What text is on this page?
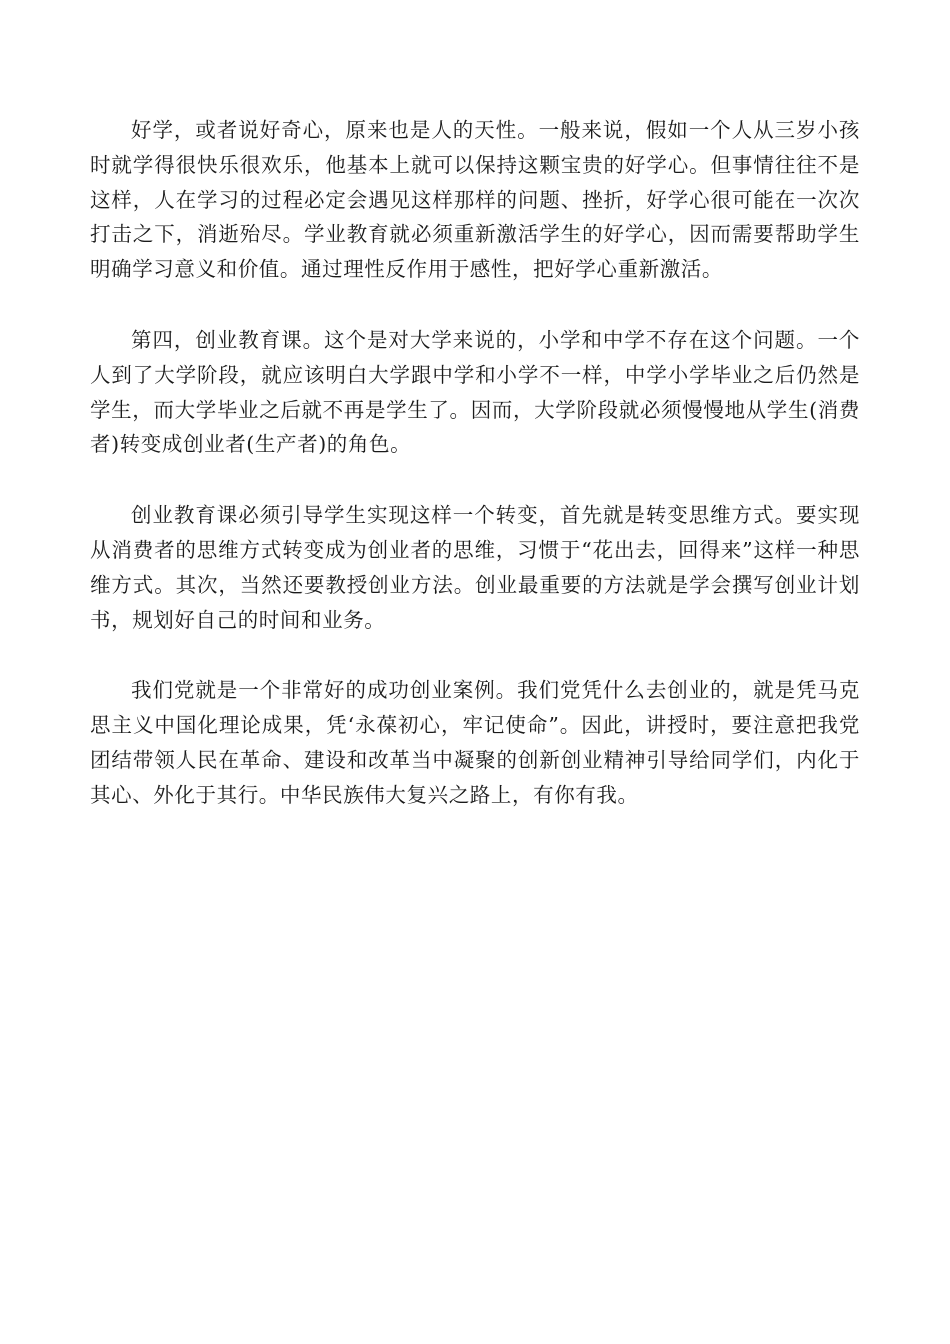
好学，或者说好奇心，原来也是人的天性。一般来说，假如一个人从三岁小孩时就学得很快乐很欢乐，他基本上就可以保持这颗宝贵的好学心。但事情往往不是这样，人在学习的过程必定会遇见这样那样的问题、挫折，好学心很可能在一次次打击之下，消逝殆尽。学业教育就必须重新激活学生的好学心，因而需要帮助学生明确学习意义和价值。通过理性反作用于感性，把好学心重新激活。

第四，创业教育课。这个是对大学来说的，小学和中学不存在这个问题。一个人到了大学阶段，就应该明白大学跟中学和小学不一样，中学小学毕业之后仍然是学生，而大学毕业之后就不再是学生了。因而，大学阶段就必须慢慢地从学生(消费者)转变成创业者(生产者)的角色。

创业教育课必须引导学生实现这样一个转变，首先就是转变思维方式。要实现从消费者的思维方式转变成为创业者的思维，习惯于“花出去，回得来”这样一种思维方式。其次，当然还要教授创业方法。创业最重要的方法就是学会撰写创业计划书，规划好自己的时间和业务。

我们党就是一个非常好的成功创业案例。我们党凭什么去创业的，就是凭马克思主义中国化理论成果，凭‘永葆初心，牢记使命”。因此，讲授时，要注意把我党团结带领人民在革命、建设和改革当中凝聚的创新创业精神引导给同学们，内化于其心、外化于其行。中华民族伟大复兴之路上，有你有我。
